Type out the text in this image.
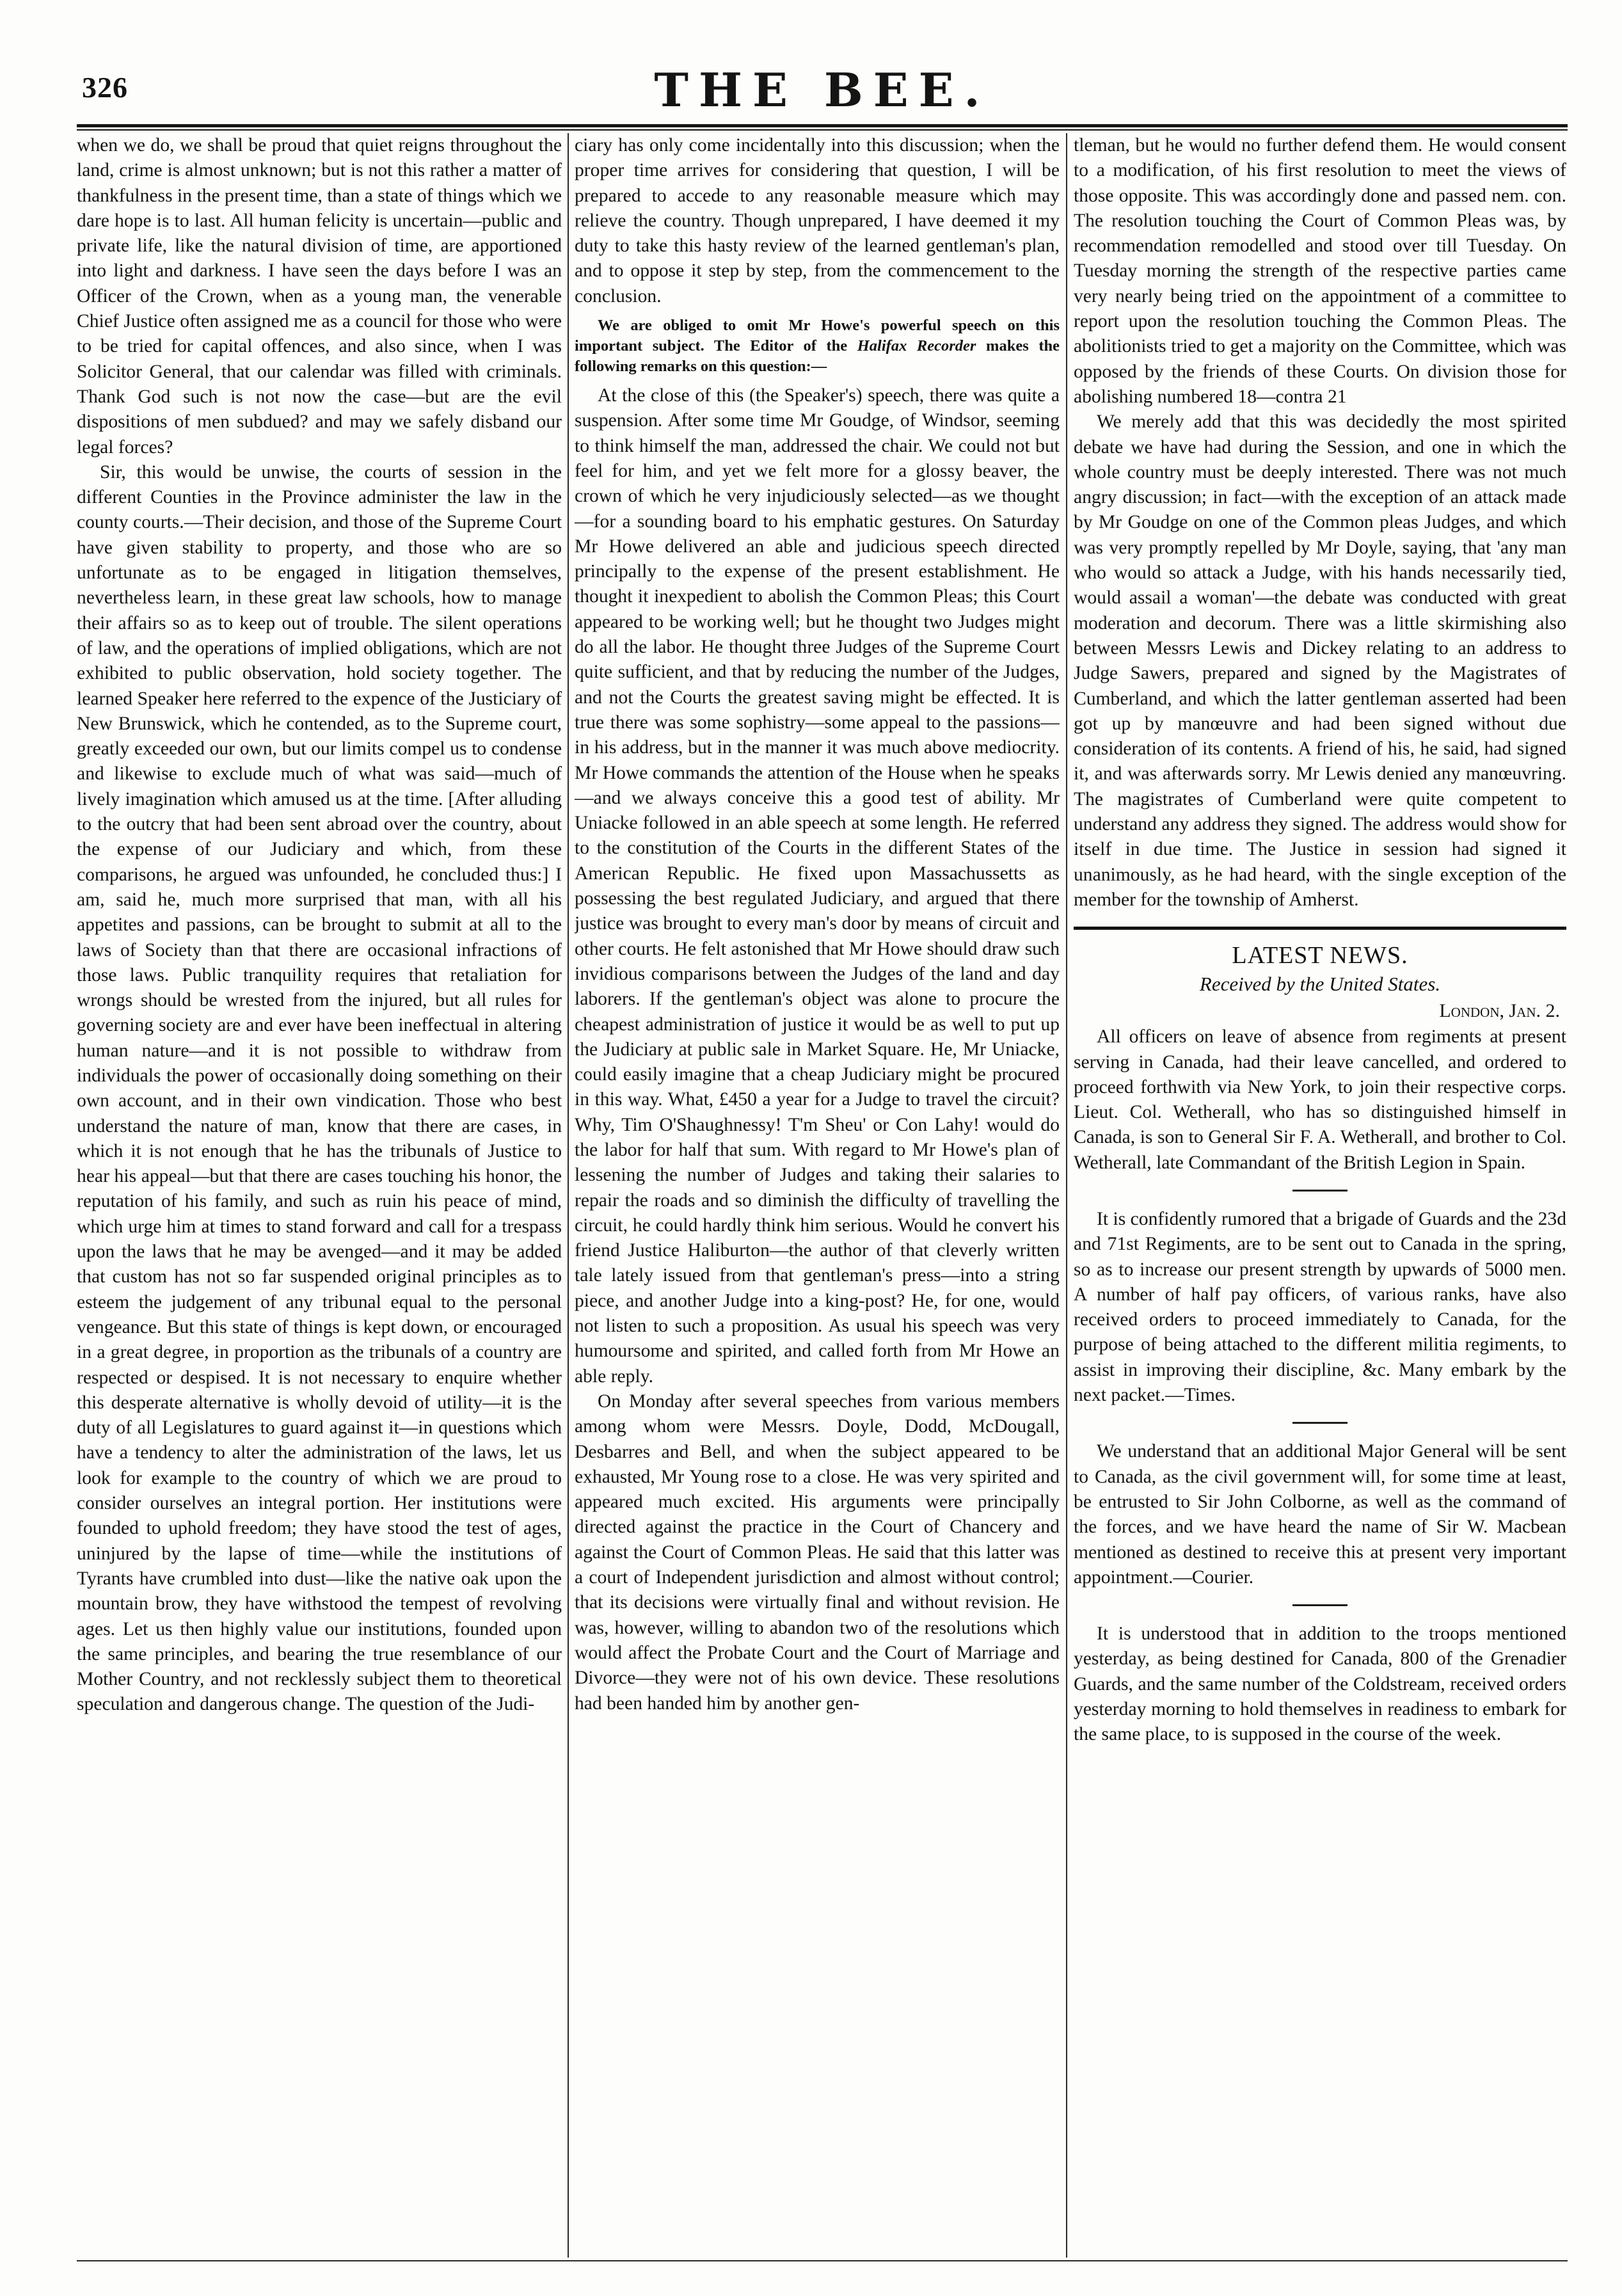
326	THE BEE.

when we do, we shall be proud that quiet reigns throughout the land, crime is almost unknown; but is not this rather a matter of thankfulness in the present time, than a state of things which we dare hope is to last. All human felicity is uncertain—public and private life, like the natural division of time, are apportioned into light and darkness. I have seen the days before I was an Officer of the Crown, when as a young man, the venerable Chief Justice often assigned me as a council for those who were to be tried for capital offences, and also since, when I was Solicitor General, that our calendar was filled with criminals. Thank God such is not now the case—but are the evil dispositions of men subdued? and may we safely disband our legal forces?

Sir, this would be unwise, the courts of session in the different Counties in the Province administer the law in the county courts.—Their decision, and those of the Supreme Court have given stability to property, and those who are so unfortunate as to be engaged in litigation themselves, nevertheless learn, in these great law schools, how to manage their affairs so as to keep out of trouble. The silent operations of law, and the operations of implied obligations, which are not exhibited to public observation, hold society together. The learned Speaker here referred to the expence of the Justiciary of New Brunswick, which he contended, as to the Supreme court, greatly exceeded our own, but our limits compel us to condense and likewise to exclude much of what was said—much of lively imagination which amused us at the time. [After alluding to the outcry that had been sent abroad over the country, about the expense of our Judiciary and which, from these comparisons, he argued was unfounded, he concluded thus:] I am, said he, much more surprised that man, with all his appetites and passions, can be brought to submit at all to the laws of Society than that there are occasional infractions of those laws. Public tranquility requires that retaliation for wrongs should be wrested from the injured, but all rules for governing society are and ever have been ineffectual in altering human nature—and it is not possible to withdraw from individuals the power of occasionally doing something on their own account, and in their own vindication. Those who best understand the nature of man, know that there are cases, in which it is not enough that he has the tribunals of Justice to hear his appeal—but that there are cases touching his honor, the reputation of his family, and such as ruin his peace of mind, which urge him at times to stand forward and call for a trespass upon the laws that he may be avenged—and it may be added that custom has not so far suspended original principles as to esteem the judgement of any tribunal equal to the personal vengeance. But this state of things is kept down, or encouraged in a great degree, in proportion as the tribunals of a country are respected or despised. It is not necessary to enquire whether this desperate alternative is wholly devoid of utility—it is the duty of all Legislatures to guard against it—in questions which have a tendency to alter the administration of the laws, let us look for example to the country of which we are proud to consider ourselves an integral portion. Her institutions were founded to uphold freedom; they have stood the test of ages, uninjured by the lapse of time—while the institutions of Tyrants have crumbled into dust—like the native oak upon the mountain brow, they have withstood the tempest of revolving ages. Let us then highly value our institutions, founded upon the same principles, and bearing the true resemblance of our Mother Country, and not recklessly subject them to theoretical speculation and dangerous change. The question of the Judi-

ciary has only come incidentally into this discussion; when the proper time arrives for considering that question, I will be prepared to accede to any reasonable measure which may relieve the country. Though unprepared, I have deemed it my duty to take this hasty review of the learned gentleman's plan, and to oppose it step by step, from the commencement to the conclusion.

We are obliged to omit Mr Howe's powerful speech on this important subject. The Editor of the Halifax Recorder makes the following remarks on this question:—

At the close of this (the Speaker's) speech, there was quite a suspension. After some time Mr Goudge, of Windsor, seeming to think himself the man, addressed the chair. We could not but feel for him, and yet we felt more for a glossy beaver, the crown of which he very injudiciously selected—as we thought—for a sounding board to his emphatic gestures. On Saturday Mr Howe delivered an able and judicious speech directed principally to the expense of the present establishment. He thought it inexpedient to abolish the Common Pleas; this Court appeared to be working well; but he thought two Judges might do all the labor. He thought three Judges of the Supreme Court quite sufficient, and that by reducing the number of the Judges, and not the Courts the greatest saving might be effected. It is true there was some sophistry—some appeal to the passions—in his address, but in the manner it was much above mediocrity. Mr Howe commands the attention of the House when he speaks—and we always conceive this a good test of ability. Mr Uniacke followed in an able speech at some length. He referred to the constitution of the Courts in the different States of the American Republic. He fixed upon Massachussetts as possessing the best regulated Judiciary, and argued that there justice was brought to every man's door by means of circuit and other courts. He felt astonished that Mr Howe should draw such invidious comparisons between the Judges of the land and day laborers. If the gentleman's object was alone to procure the cheapest administration of justice it would be as well to put up the Judiciary at public sale in Market Square. He, Mr Uniacke, could easily imagine that a cheap Judiciary might be procured in this way. What, £450 a year for a Judge to travel the circuit? Why, Tim O'Shaughnessy! T'm Sheu' or Con Lahy! would do the labor for half that sum. With regard to Mr Howe's plan of lessening the number of Judges and taking their salaries to repair the roads and so diminish the difficulty of travelling the circuit, he could hardly think him serious. Would he convert his friend Justice Haliburton—the author of that cleverly written tale lately issued from that gentleman's press—into a string piece, and another Judge into a king-post? He, for one, would not listen to such a proposition. As usual his speech was very humoursome and spirited, and called forth from Mr Howe an able reply.

On Monday after several speeches from various members among whom were Messrs. Doyle, Dodd, McDougall, Desbarres and Bell, and when the subject appeared to be exhausted, Mr Young rose to a close. He was very spirited and appeared much excited. His arguments were principally directed against the practice in the Court of Chancery and against the Court of Common Pleas. He said that this latter was a court of Independent jurisdiction and almost without control; that its decisions were virtually final and without revision. He was, however, willing to abandon two of the resolutions which would affect the Probate Court and the Court of Marriage and Divorce—they were not of his own device. These resolutions had been handed him by another gen-

tleman, but he would no further defend them. He would consent to a modification, of his first resolution to meet the views of those opposite. This was accordingly done and passed nem. con. The resolution touching the Court of Common Pleas was, by recommendation remodelled and stood over till Tuesday. On Tuesday morning the strength of the respective parties came very nearly being tried on the appointment of a committee to report upon the resolution touching the Common Pleas. The abolitionists tried to get a majority on the Committee, which was opposed by the friends of these Courts. On division those for abolishing numbered 18—contra 21

We merely add that this was decidedly the most spirited debate we have had during the Session, and one in which the whole country must be deeply interested. There was not much angry discussion; in fact—with the exception of an attack made by Mr Goudge on one of the Common pleas Judges, and which was very promptly repelled by Mr Doyle, saying, that 'any man who would so attack a Judge, with his hands necessarily tied, would assail a woman'—the debate was conducted with great moderation and decorum. There was a little skirmishing also between Messrs Lewis and Dickey relating to an address to Judge Sawers, prepared and signed by the Magistrates of Cumberland, and which the latter gentleman asserted had been got up by manœuvre and had been signed without due consideration of its contents. A friend of his, he said, had signed it, and was afterwards sorry. Mr Lewis denied any manœuvring. The magistrates of Cumberland were quite competent to understand any address they signed. The address would show for itself in due time. The Justice in session had signed it unanimously, as he had heard, with the single exception of the member for the township of Amherst.

LATEST NEWS.

Received by the United States.

London, Jan. 2.

All officers on leave of absence from regiments at present serving in Canada, had their leave cancelled, and ordered to proceed forthwith via New York, to join their respective corps. Lieut. Col. Wetherall, who has so distinguished himself in Canada, is son to General Sir F. A. Wetherall, and brother to Col. Wetherall, late Commandant of the British Legion in Spain.

It is confidently rumored that a brigade of Guards and the 23d and 71st Regiments, are to be sent out to Canada in the spring, so as to increase our present strength by upwards of 5000 men. A number of half pay officers, of various ranks, have also received orders to proceed immediately to Canada, for the purpose of being attached to the different militia regiments, to assist in improving their discipline, &c. Many embark by the next packet.—Times.

We understand that an additional Major General will be sent to Canada, as the civil government will, for some time at least, be entrusted to Sir John Colborne, as well as the command of the forces, and we have heard the name of Sir W. Macbean mentioned as destined to receive this at present very important appointment.—Courier.

It is understood that in addition to the troops mentioned yesterday, as being destined for Canada, 800 of the Grenadier Guards, and the same number of the Coldstream, received orders yesterday morning to hold themselves in readiness to embark for the same place, to is supposed in the course of the week.
